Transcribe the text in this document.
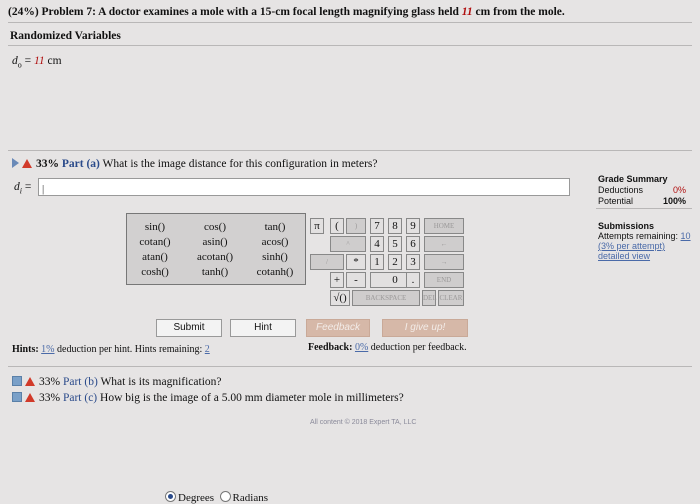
(24%) Problem 7: A doctor examines a mole with a 15-cm focal length magnifying glass held 11 cm from the mole.
Randomized Variables
$d_o = 11$ cm
33% Part (a) What is the image distance for this configuration in meters?
$d_i$ = |
sin()	cos()	tan()
cotan()	asin()	acos()
atan()	acotan()	sinh()
cosh()	tanh()	cotanh()
Degrees Radians
π	(	)	7	8	9	HOME
^	4	5	6	←
/	*	1	2	3	→
+	-	0	.	END
√()	BACKSPACE	DEL CLEAR
Submit	Hint	Feedback	I give up!
Hints: 1% deduction per hint. Hints remaining: 2	Feedback: 0% deduction per feedback.
33% Part (b) What is its magnification?
33% Part (c) How big is the image of a 5.00 mm diameter mole in millimeters?
Grade Summary
Deductions	0%
Potential	100%
Submissions
Attempts remaining: 10
(3% per attempt)
detailed view
All content © 2018 Expert TA, LLC
